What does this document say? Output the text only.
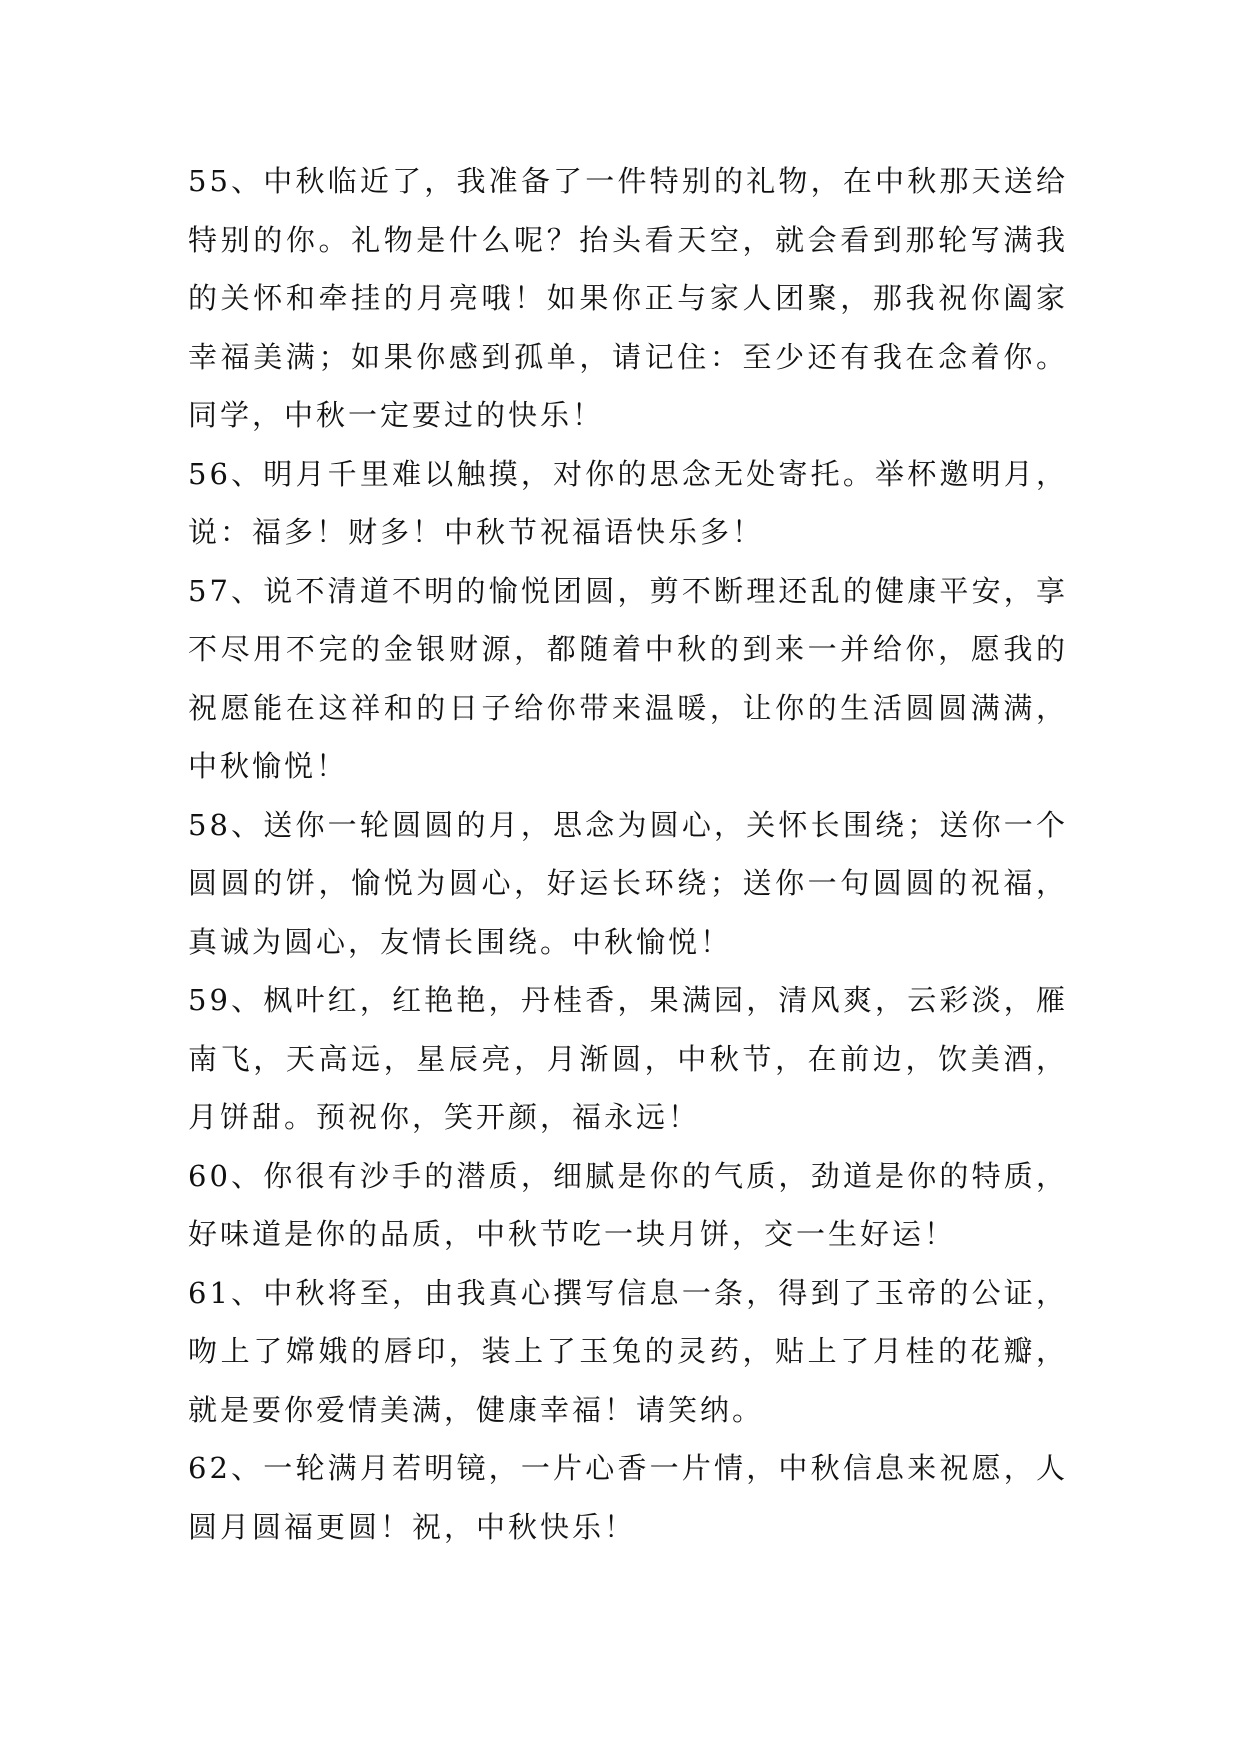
55、中秋临近了，我准备了一件特别的礼物，在中秋那天送给特别的你。礼物是什么呢？抬头看天空，就会看到那轮写满我的关怀和牵挂的月亮哦！如果你正与家人团聚，那我祝你阖家幸福美满；如果你感到孤单，请记住：至少还有我在念着你。同学，中秋一定要过的快乐！

56、明月千里难以触摸，对你的思念无处寄托。举杯邀明月，说：福多！财多！中秋节祝福语快乐多！

57、说不清道不明的愉悦团圆，剪不断理还乱的健康平安，享不尽用不完的金银财源，都随着中秋的到来一并给你，愿我的祝愿能在这祥和的日子给你带来温暖，让你的生活圆圆满满，中秋愉悦！

58、送你一轮圆圆的月，思念为圆心，关怀长围绕；送你一个圆圆的饼，愉悦为圆心，好运长环绕；送你一句圆圆的祝福，真诚为圆心，友情长围绕。中秋愉悦！

59、枫叶红，红艳艳，丹桂香，果满园，清风爽，云彩淡，雁南飞，天高远，星辰亮，月渐圆，中秋节，在前边，饮美酒，月饼甜。预祝你，笑开颜，福永远！

60、你很有沙手的潜质，细腻是你的气质，劲道是你的特质，好味道是你的品质，中秋节吃一块月饼，交一生好运！

61、中秋将至，由我真心撰写信息一条，得到了玉帝的公证，吻上了嫦娥的唇印，装上了玉兔的灵药，贴上了月桂的花瓣，就是要你爱情美满，健康幸福！请笑纳。

62、一轮满月若明镜，一片心香一片情，中秋信息来祝愿，人圆月圆福更圆！祝，中秋快乐！
